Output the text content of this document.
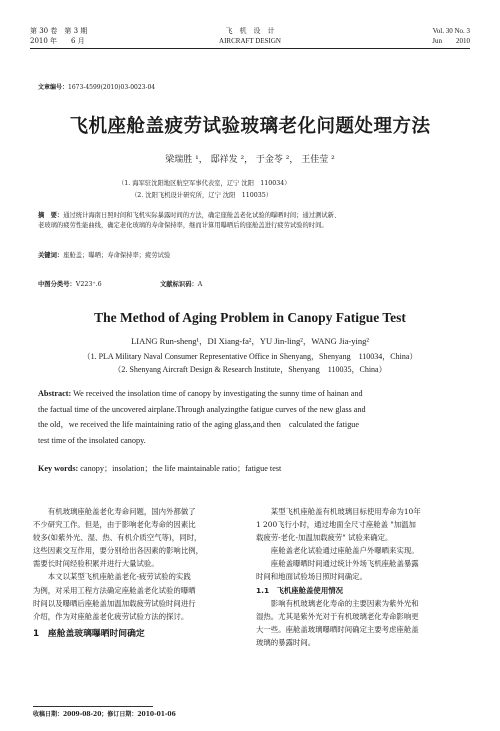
第 30 卷　第 3 期
2010 年　　6 月
飞　机　设　计
AIRCRAFT DESIGN
Vol. 30 No. 3
Jun　　2010
文章编号：1673-4599(2010)03-0023-04
飞机座舱盖疲劳试验玻璃老化问题处理方法
梁瑞胜 ¹， 邸祥发 ²， 于金苓 ²， 王佳莹 ²
（1. 海军驻沈阳地区航空军事代表室，辽宁 沈阳　110034）
（2. 沈阳飞机设计研究所，辽宁 沈阳　110035）
摘　要：通过统计海南日照时间和飞机实际暴露时间的方法，确定座舱盖老化试验的曝晒时间；通过测试新、
老玻璃的疲劳性能曲线，确定老化玻璃的寿命保持率，继而计算用曝晒后的座舱盖进行疲劳试验的时间。
关键词：座舱盖；曝晒；寿命保持率；疲劳试验
中图分类号：V223⁺.6	文献标识码：A
The Method of Aging Problem in Canopy Fatigue Test
LIANG Run-sheng¹，DI Xiang-fa²，YU Jin-ling²，WANG Jia-ying²
（1. PLA Military Naval Consumer Representative Office in Shenyang，Shenyang　110034，China）
（2. Shenyang Aircraft Design & Research Institute，Shenyang　110035，China）
Abstract: We received the insolation time of canopy by investigating the sunny time of hainan and
the factual time of the uncovered airplane.Through analyzingthe fatigue curves of the new glass and
the old，we received the life maintaining ratio of the aging glass,and then　calculated the fatigue
test time of the insolated canopy.
Key words: canopy；insolation；the life maintainable ratio；fatigue test
有机玻璃座舱盖老化寿命问题，国内外都做了
不少研究工作。但是，由于影响老化寿命的因素比
较多(如紫外光、湿、热、有机介质空气等)，同时，
这些因素交互作用，要分别给出各因素的影响比例，
需要长时间经验积累并进行大量试验。
本文以某型飞机座舱盖老化-疲劳试验的实践
为例，对采用工程方法确定座舱盖老化试验的曝晒
时间以及曝晒后座舱盖加温加载疲劳试验时间进行
介绍，作为对座舱盖老化疲劳试验方法的探讨。
1　座舱盖玻璃曝晒时间确定
某型飞机座舱盖有机玻璃目标使用寿命为10年
1 200飞行小时，通过地面全尺寸座舱盖 "加温加
载疲劳-老化-加温加载疲劳" 试验来确定。
座舱盖老化试验通过座舱盖户外曝晒来实现。
座舱盖曝晒时间通过统计外场飞机座舱盖暴露
时间和地面试验场日照时间确定。
1.1　飞机座舱盖使用情况
影响有机玻璃老化寿命的主要因素为紫外光和
湿热。尤其是紫外光对于有机玻璃老化寿命影响更
大一些。座舱盖玻璃曝晒时间确定主要考虑座舱盖
玻璃的暴露时间。
收稿日期：2009-08-20；修订日期：2010-01-06
